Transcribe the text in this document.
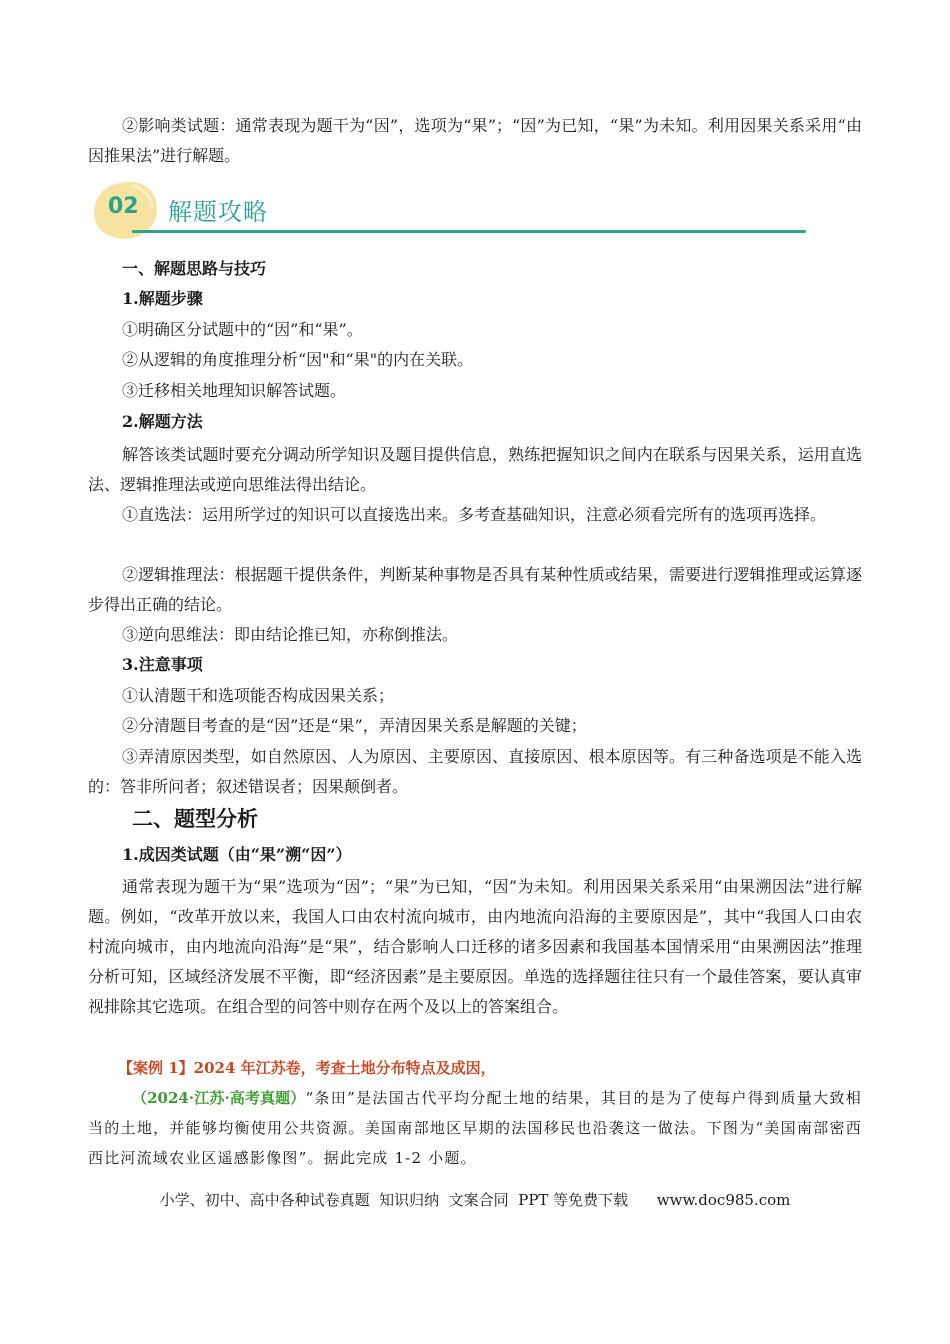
②影响类试题：通常表现为题干为“因”，选项为“果”；“因”为已知，“果”为未知。利用因果关系采用“由因推果法”进行解题。

02 解题攻略

一、解题思路与技巧

1.解题步骤

①明确区分试题中的“因”和“果”。

②从逻辑的角度推理分析“因"和“果"的内在关联。

③迁移相关地理知识解答试题。

2.解题方法

解答该类试题时要充分调动所学知识及题目提供信息，熟练把握知识之间内在联系与因果关系，运用直选法、逻辑推理法或逆向思维法得出结论。

①直选法：运用所学过的知识可以直接选出来。多考查基础知识，注意必须看完所有的选项再选择。

②逻辑推理法：根据题干提供条件，判断某种事物是否具有某种性质或结果，需要进行逻辑推理或运算逐步得出正确的结论。

③逆向思维法：即由结论推已知，亦称倒推法。

3.注意事项

①认清题干和选项能否构成因果关系；

②分清题目考查的是“因”还是“果”，弄清因果关系是解题的关键；

③弄清原因类型，如自然原因、人为原因、主要原因、直接原因、根本原因等。有三种备选项是不能入选的：答非所问者；叙述错误者；因果颠倒者。

二、题型分析

1.成因类试题（由“果”溯“因”）

通常表现为题干为“果”选项为“因”；“果”为已知，“因”为未知。利用因果关系采用“由果溯因法”进行解题。例如，“改革开放以来，我国人口由农村流向城市，由内地流向沿海的主要原因是”，其中“我国人口由农村流向城市，由内地流向沿海”是“果”，结合影响人口迁移的诸多因素和我国基本国情采用“由果溯因法”推理分析可知，区域经济发展不平衡，即“经济因素”是主要原因。单选的选择题往往只有一个最佳答案，要认真审视排除其它选项。在组合型的问答中则存在两个及以上的答案组合。

【案例 1】2024 年江苏卷，考查土地分布特点及成因，

（2024·江苏·高考真题）“条田”是法国古代平均分配土地的结果，其目的是为了使每户得到质量大致相当的土地，并能够均衡使用公共资源。美国南部地区早期的法国移民也沿袭这一做法。下图为“美国南部密西西比河流域农业区遥感影像图”。据此完成 1-2 小题。

小学、初中、高中各种试卷真题  知识归纳  文案合同  PPT 等免费下载 www.doc985.com
